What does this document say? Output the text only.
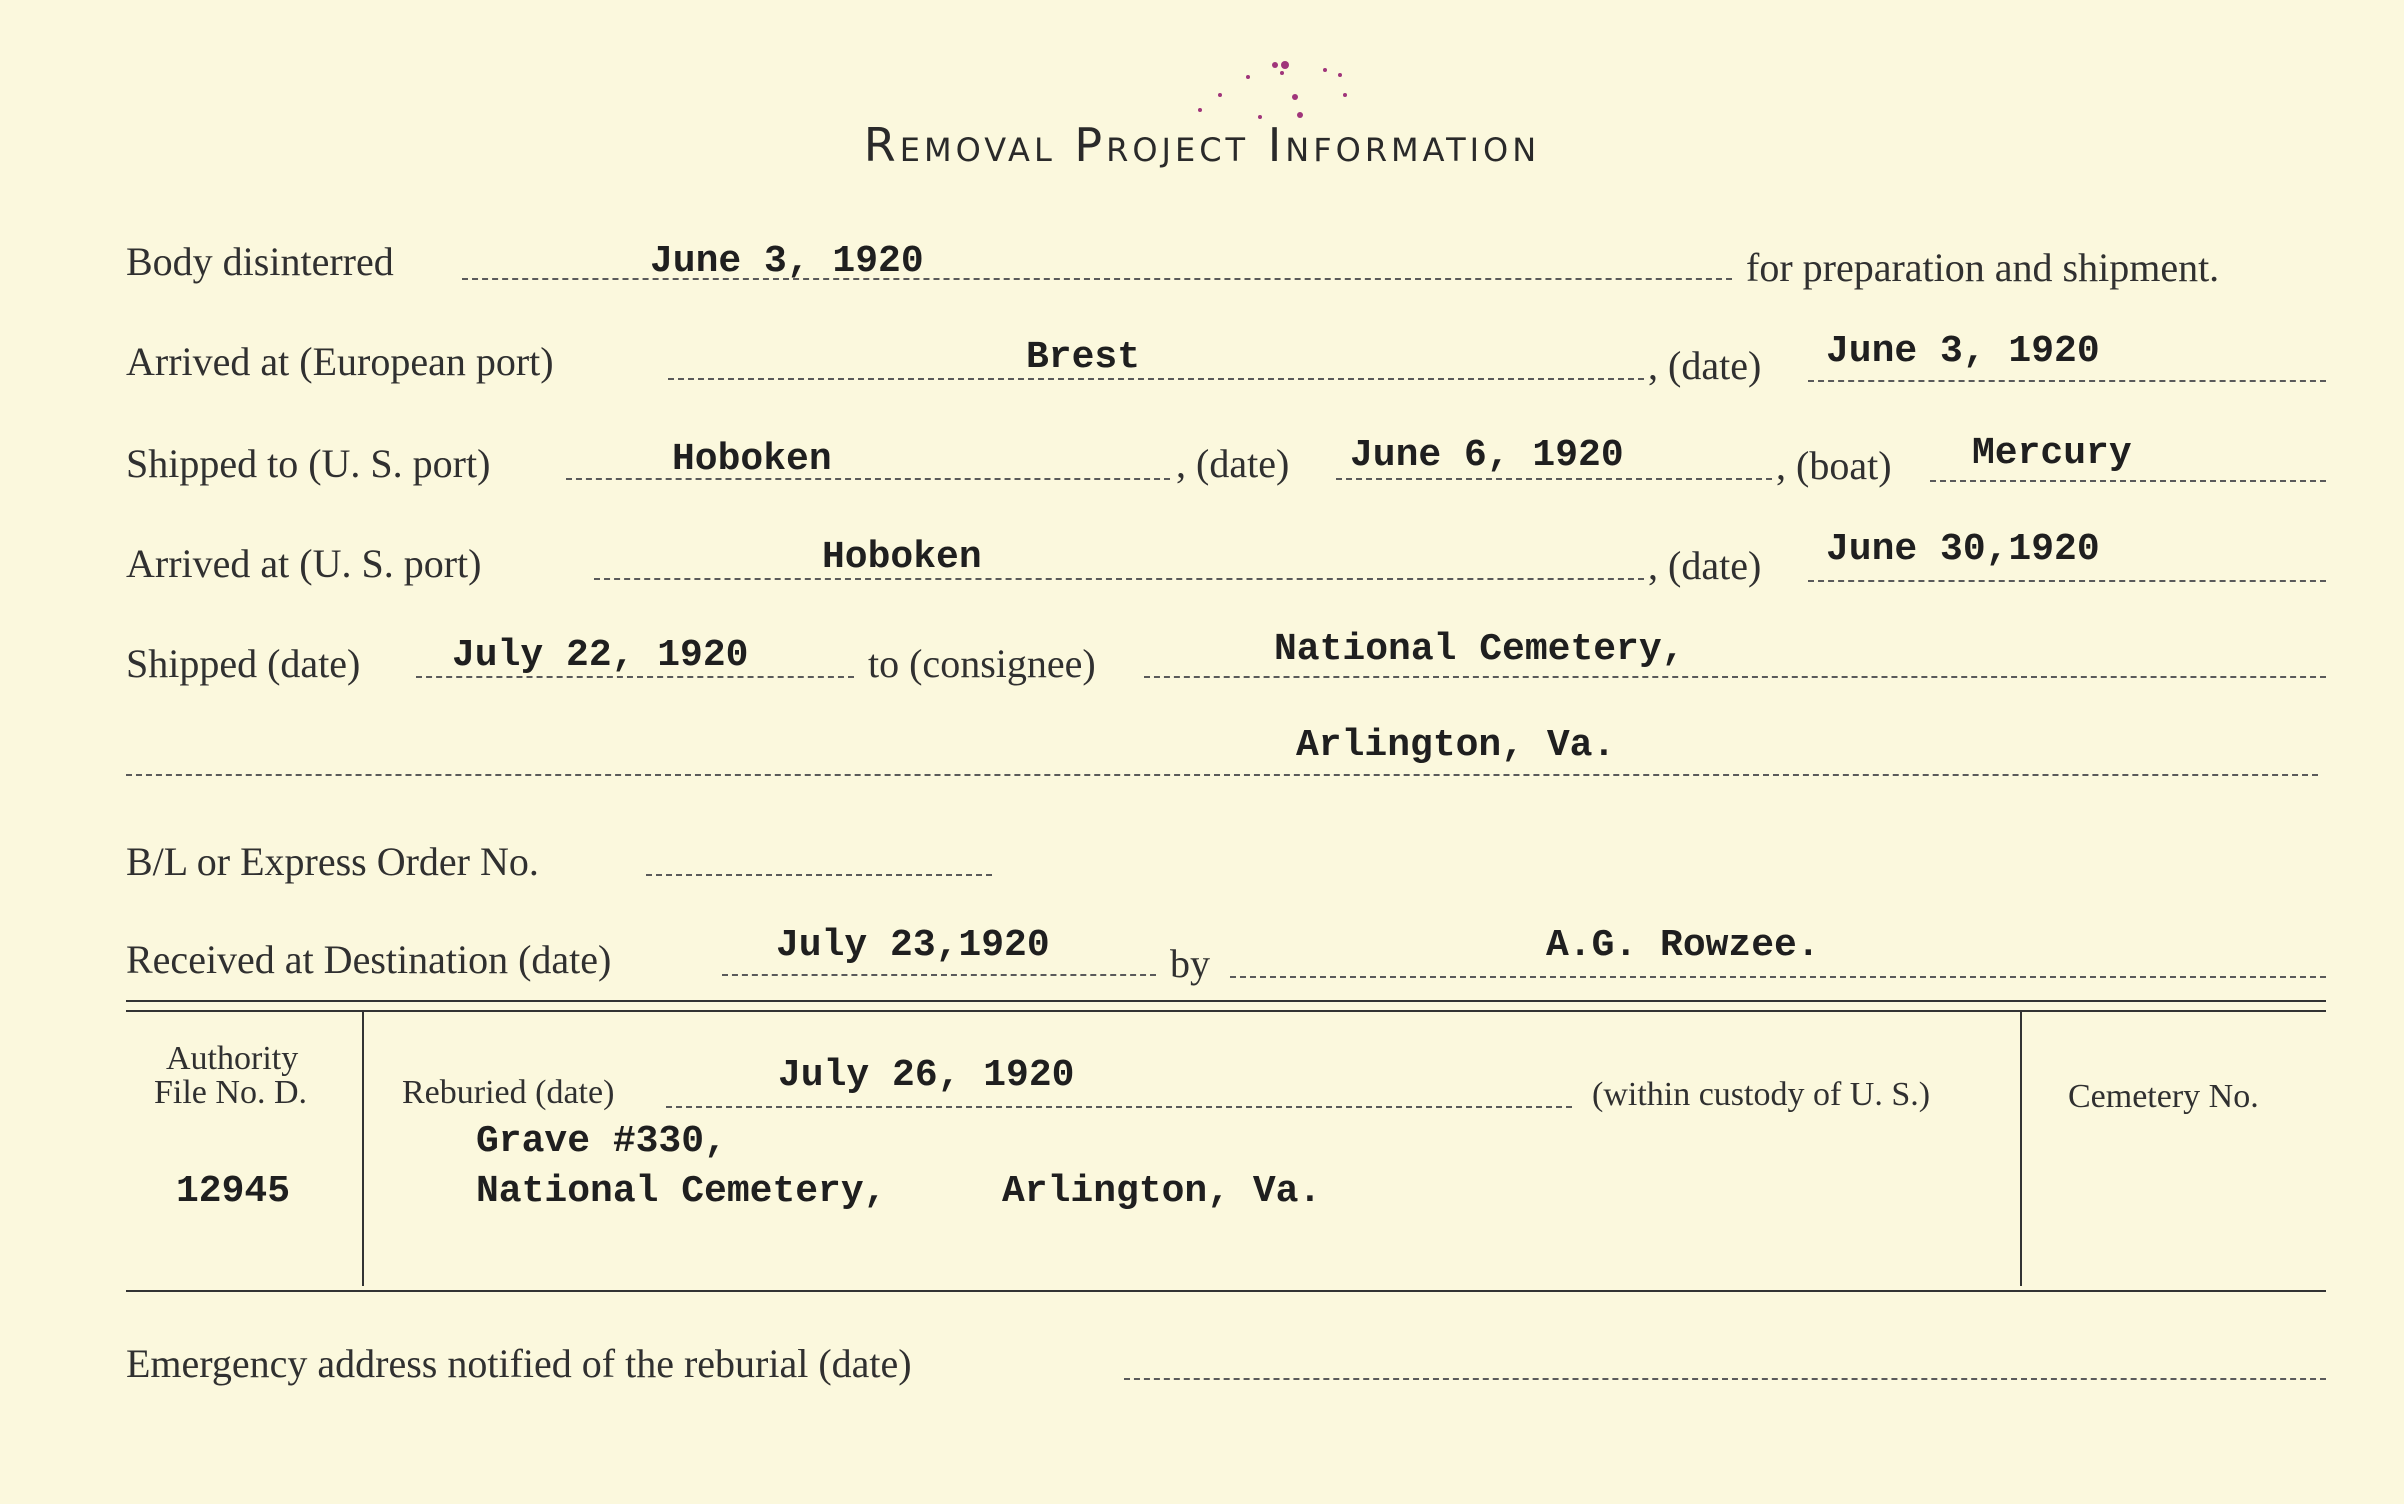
Removal Project Information
Body disinterred	June 3, 1920	for preparation and shipment.
Arrived at (European port)	Brest	, (date) June 3, 1920
Shipped to (U. S. port)	Hoboken	, (date) June 6, 1920	, (boat) Mercury
Arrived at (U. S. port)	Hoboken	, (date) June 30,1920
Shipped (date) July 22, 1920	to (consignee)	National Cemetery,
Arlington, Va.
B/L or Express Order No.
Received at Destination (date)	July 23,1920	by	A.G. Rowzee.
Authority
File No. D.
12945
Reburied (date)	July 26, 1920	(within custody of U. S.)
Grave #330,
National Cemetery,	Arlington, Va.
Cemetery No.
Emergency address notified of the reburial (date)
